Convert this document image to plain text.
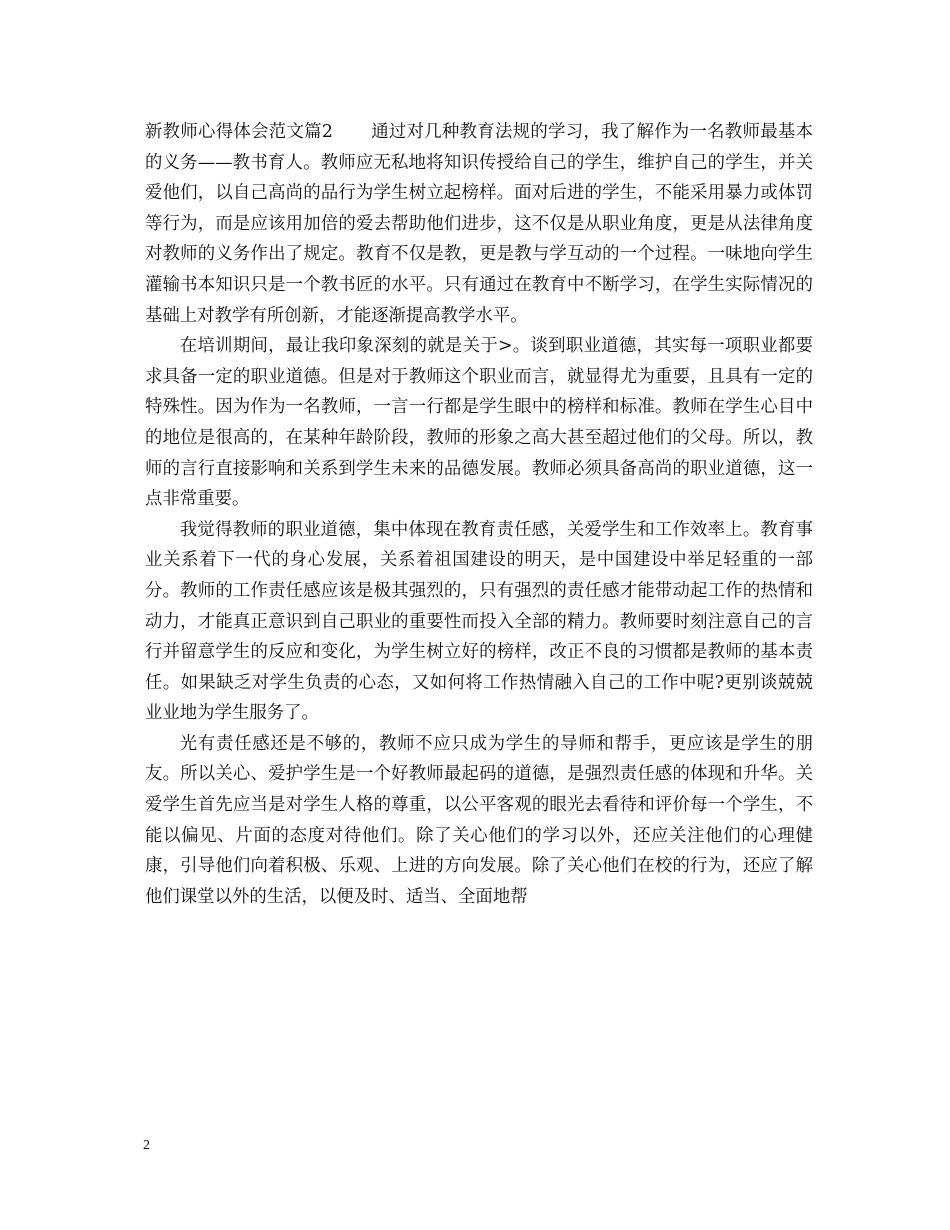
新教师心得体会范文篇2 通过对几种教育法规的学习，我了解作为一名教师最基本的义务——教书育人。教师应无私地将知识传授给自己的学生，维护自己的学生，并关爱他们，以自己高尚的品行为学生树立起榜样。面对后进的学生，不能采用暴力或体罚等行为，而是应该用加倍的爱去帮助他们进步，这不仅是从职业角度，更是从法律角度对教师的义务作出了规定。教育不仅是教，更是教与学互动的一个过程。一味地向学生灌输书本知识只是一个教书匠的水平。只有通过在教育中不断学习，在学生实际情况的基础上对教学有所创新，才能逐渐提高教学水平。

在培训期间，最让我印象深刻的就是关于>。谈到职业道德，其实每一项职业都要求具备一定的职业道德。但是对于教师这个职业而言，就显得尤为重要，且具有一定的特殊性。因为作为一名教师，一言一行都是学生眼中的榜样和标准。教师在学生心目中的地位是很高的，在某种年龄阶段，教师的形象之高大甚至超过他们的父母。所以，教师的言行直接影响和关系到学生未来的品德发展。教师必须具备高尚的职业道德，这一点非常重要。

我觉得教师的职业道德，集中体现在教育责任感，关爱学生和工作效率上。教育事业关系着下一代的身心发展，关系着祖国建设的明天，是中国建设中举足轻重的一部分。教师的工作责任感应该是极其强烈的，只有强烈的责任感才能带动起工作的热情和动力，才能真正意识到自己职业的重要性而投入全部的精力。教师要时刻注意自己的言行并留意学生的反应和变化，为学生树立好的榜样，改正不良的习惯都是教师的基本责任。如果缺乏对学生负责的心态，又如何将工作热情融入自己的工作中呢?更别谈兢兢业业地为学生服务了。

光有责任感还是不够的，教师不应只成为学生的导师和帮手，更应该是学生的朋友。所以关心、爱护学生是一个好教师最起码的道德，是强烈责任感的体现和升华。关爱学生首先应当是对学生人格的尊重，以公平客观的眼光去看待和评价每一个学生，不能以偏见、片面的态度对待他们。除了关心他们的学习以外，还应关注他们的心理健康，引导他们向着积极、乐观、上进的方向发展。除了关心他们在校的行为，还应了解他们课堂以外的生活，以便及时、适当、全面地帮

2
